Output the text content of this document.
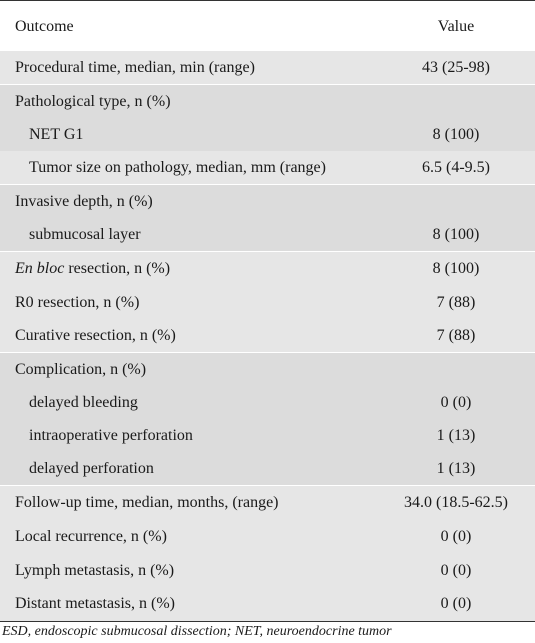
Outcome	Value
Procedural time, median, min (range)	43 (25-98)
Pathological type, n (%)
NET G1	8 (100)
Tumor size on pathology, median, mm (range)	6.5 (4-9.5)
Invasive depth, n (%)
submucosal layer	8 (100)
En bloc resection, n (%)	8 (100)
R0 resection, n (%)	7 (88)
Curative resection, n (%)	7 (88)
Complication, n (%)
delayed bleeding	0 (0)
intraoperative perforation	1 (13)
delayed perforation	1 (13)
Follow-up time, median, months, (range)	34.0 (18.5-62.5)
Local recurrence, n (%)	0 (0)
Lymph metastasis, n (%)	0 (0)
Distant metastasis, n (%)	0 (0)
ESD, endoscopic submucosal dissection; NET, neuroendocrine tumor
